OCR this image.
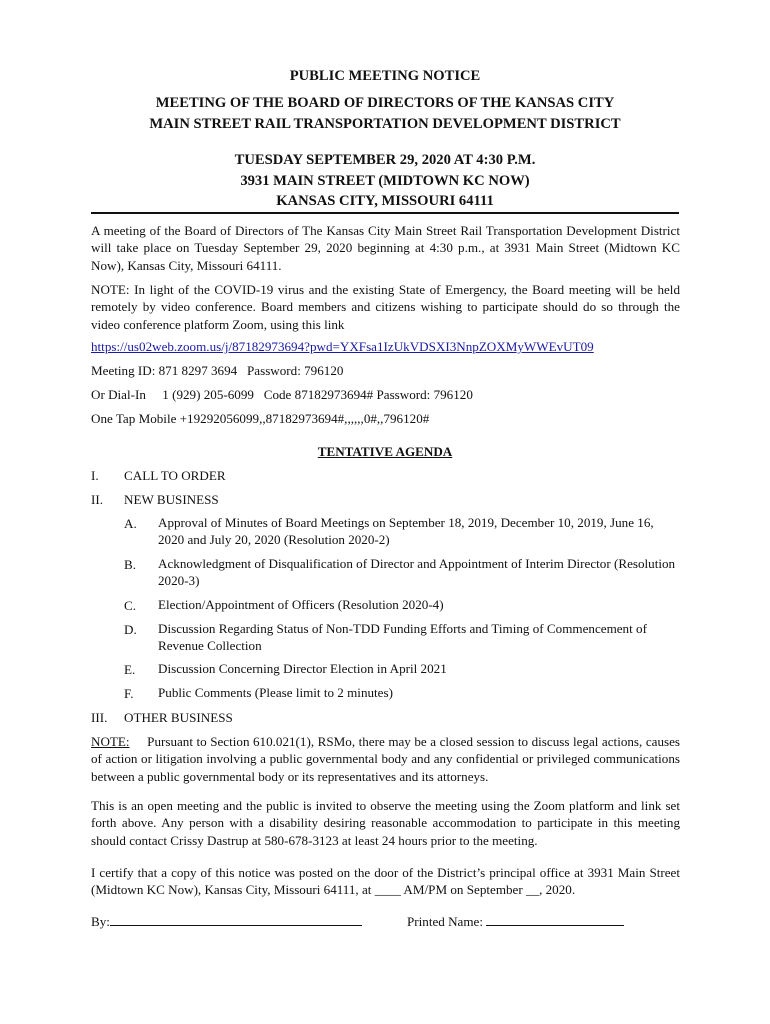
PUBLIC MEETING NOTICE
MEETING OF THE BOARD OF DIRECTORS OF THE KANSAS CITY
MAIN STREET RAIL TRANSPORTATION DEVELOPMENT DISTRICT
TUESDAY SEPTEMBER 29, 2020 AT 4:30 P.M.
3931 MAIN STREET (MIDTOWN KC NOW)
KANSAS CITY, MISSOURI 64111
A meeting of the Board of Directors of The Kansas City Main Street Rail Transportation Development District will take place on Tuesday September 29, 2020 beginning at 4:30 p.m., at 3931 Main Street (Midtown KC Now), Kansas City, Missouri 64111.
NOTE: In light of the COVID-19 virus and the existing State of Emergency, the Board meeting will be held remotely by video conference. Board members and citizens wishing to participate should do so through the video conference platform Zoom, using this link
https://us02web.zoom.us/j/87182973694?pwd=YXFsa1IzUkVDSXI3NnpZOXMyWWEvUT09
Meeting ID: 871 8297 3694   Password: 796120
Or Dial-In     1 (929) 205-6099   Code 87182973694# Password: 796120
One Tap Mobile +19292056099,,87182973694#,,,,,,0#,,796120#
TENTATIVE AGENDA
I. CALL TO ORDER
II. NEW BUSINESS
A. Approval of Minutes of Board Meetings on September 18, 2019, December 10, 2019, June 16, 2020 and July 20, 2020 (Resolution 2020-2)
B. Acknowledgment of Disqualification of Director and Appointment of Interim Director (Resolution 2020-3)
C. Election/Appointment of Officers (Resolution 2020-4)
D. Discussion Regarding Status of Non-TDD Funding Efforts and Timing of Commencement of Revenue Collection
E. Discussion Concerning Director Election in April 2021
F. Public Comments (Please limit to 2 minutes)
III. OTHER BUSINESS
NOTE: Pursuant to Section 610.021(1), RSMo, there may be a closed session to discuss legal actions, causes of action or litigation involving a public governmental body and any confidential or privileged communications between a public governmental body or its representatives and its attorneys.
This is an open meeting and the public is invited to observe the meeting using the Zoom platform and link set forth above. Any person with a disability desiring reasonable accommodation to participate in this meeting should contact Crissy Dastrup at 580-678-3123 at least 24 hours prior to the meeting.
I certify that a copy of this notice was posted on the door of the District’s principal office at 3931 Main Street (Midtown KC Now), Kansas City, Missouri 64111, at ____ AM/PM on September __, 2020.
By:	Printed Name:
